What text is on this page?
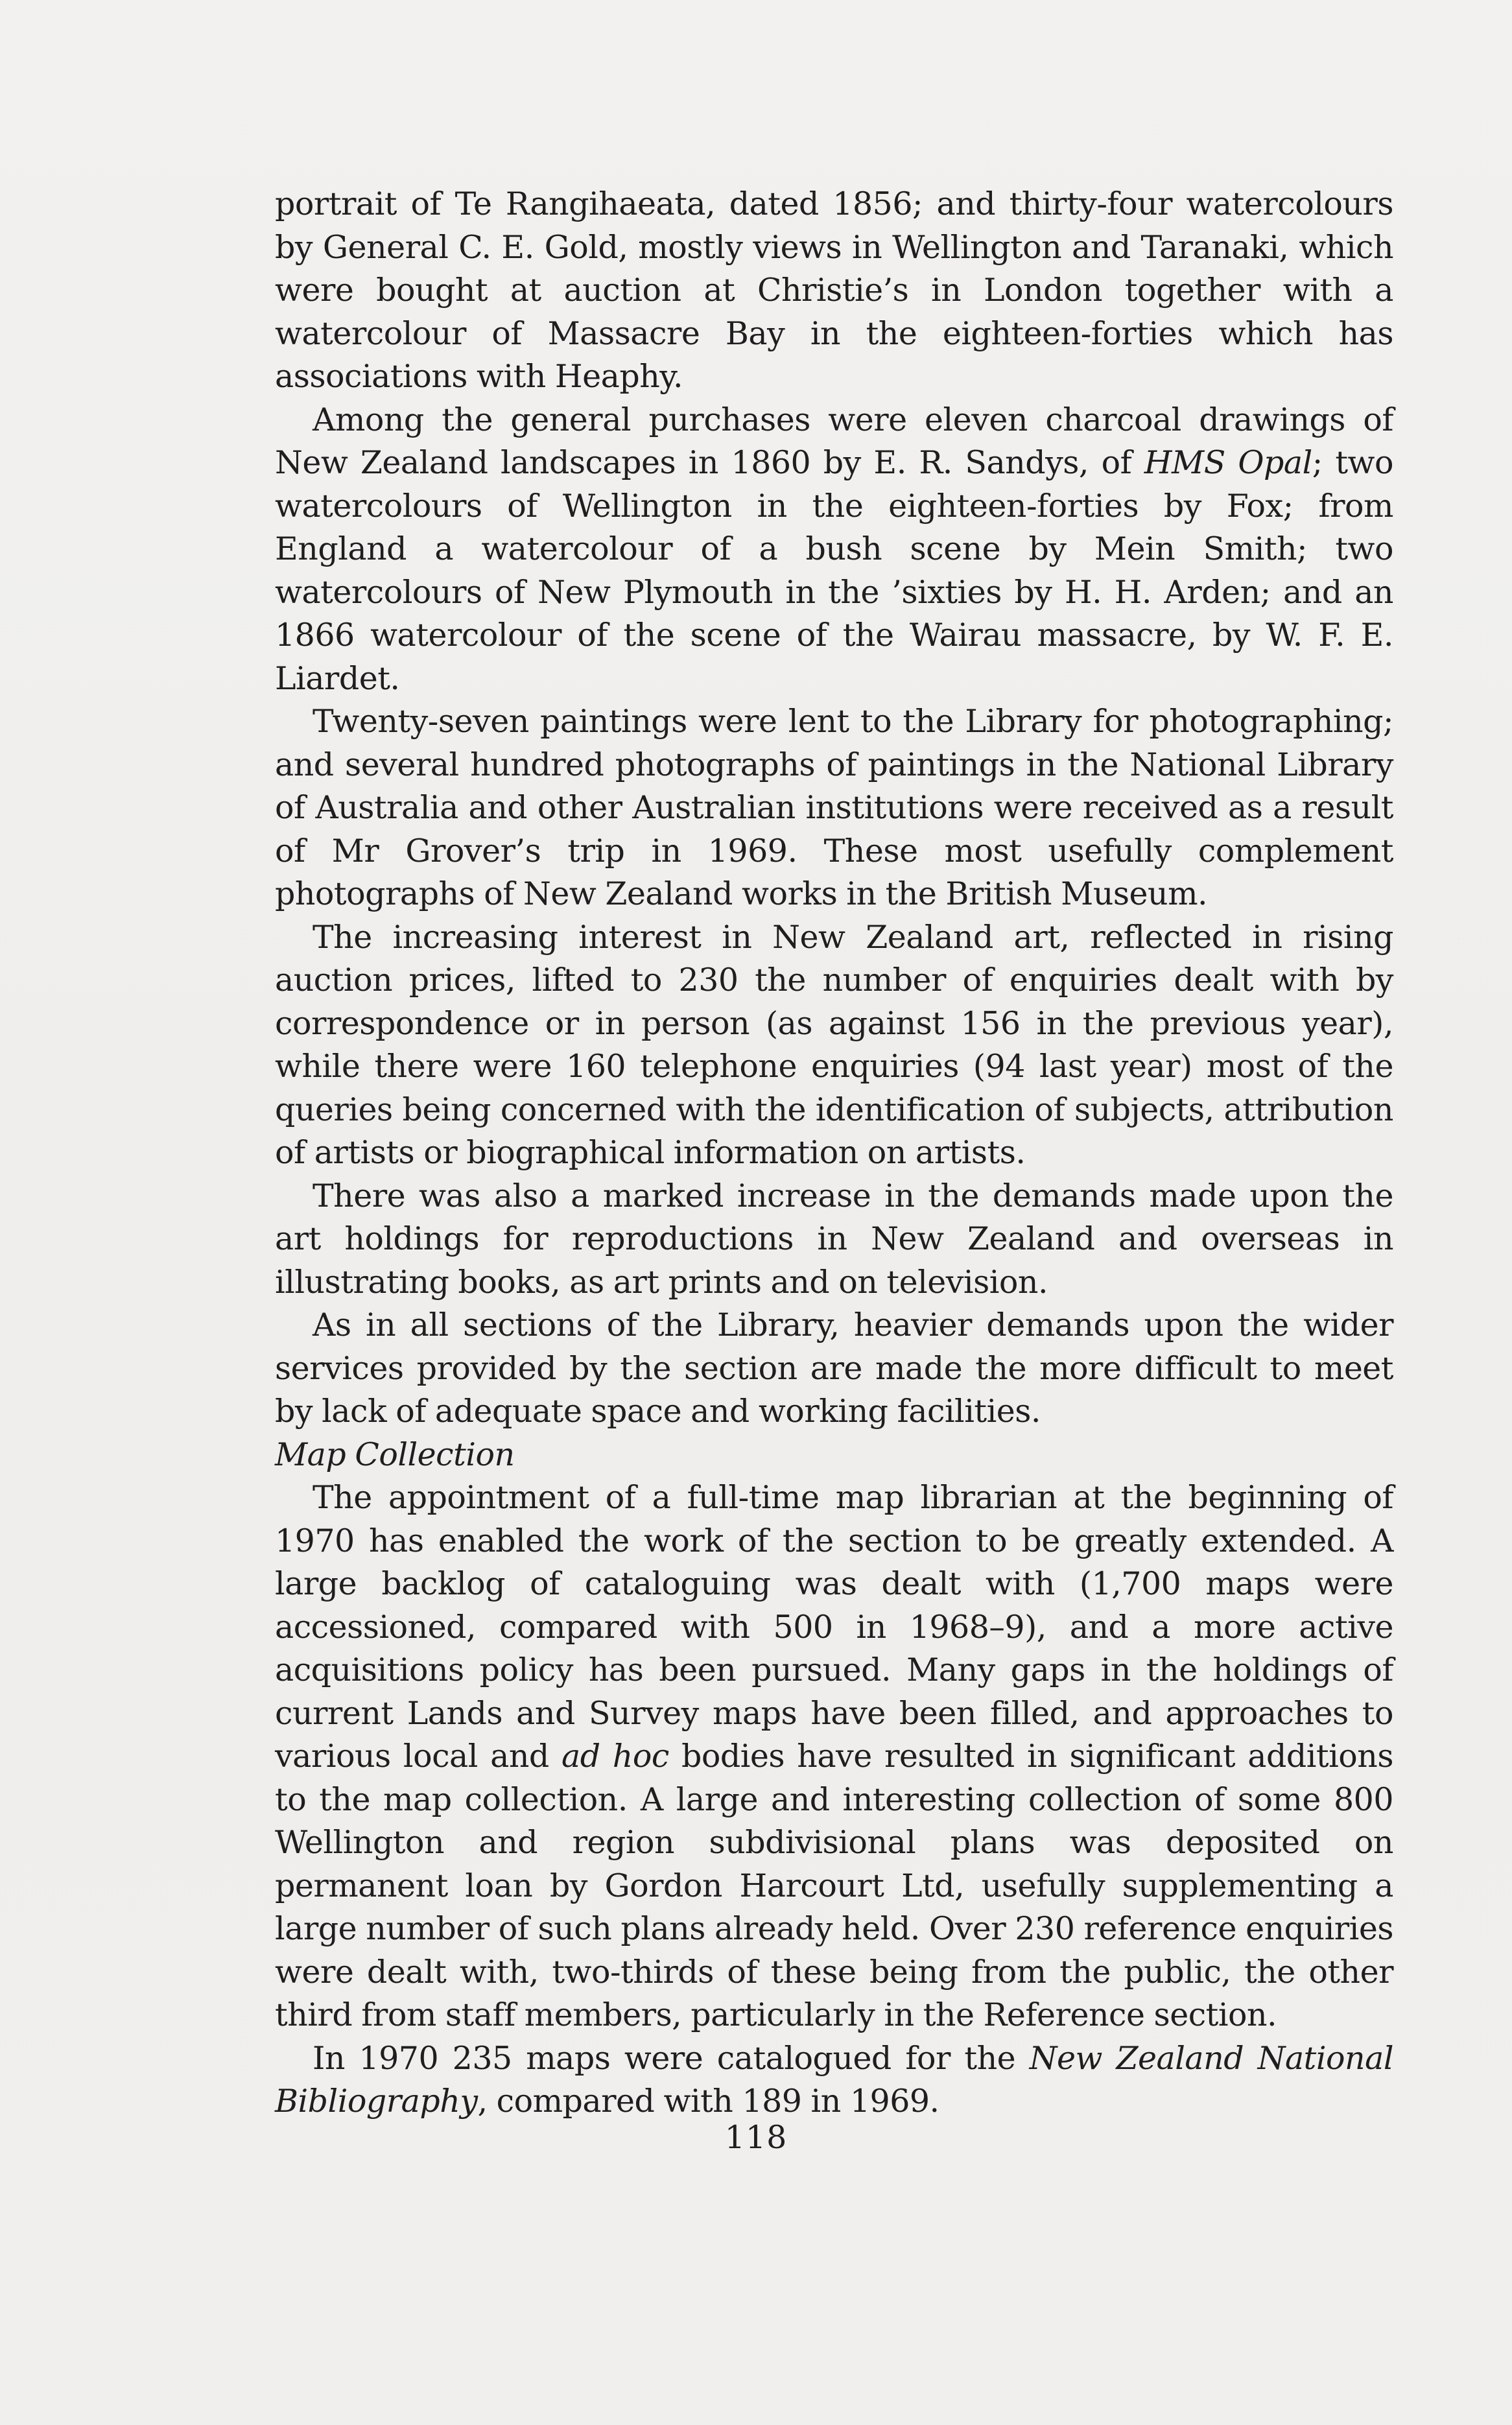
portrait of Te Rangihaeata, dated 1856; and thirty-four watercolours by General C. E. Gold, mostly views in Wellington and Taranaki, which were bought at auction at Christie’s in London together with a watercolour of Massacre Bay in the eighteen-forties which has associations with Heaphy.

Among the general purchases were eleven charcoal drawings of New Zealand landscapes in 1860 by E. R. Sandys, of HMS Opal; two watercolours of Wellington in the eighteen-forties by Fox; from England a watercolour of a bush scene by Mein Smith; two watercolours of New Plymouth in the ’sixties by H. H. Arden; and an 1866 watercolour of the scene of the Wairau massacre, by W. F. E. Liardet.

Twenty-seven paintings were lent to the Library for photographing; and several hundred photographs of paintings in the National Library of Australia and other Australian institutions were received as a result of Mr Grover’s trip in 1969. These most usefully complement photographs of New Zealand works in the British Museum.

The increasing interest in New Zealand art, reflected in rising auction prices, lifted to 230 the number of enquiries dealt with by correspondence or in person (as against 156 in the previous year), while there were 160 telephone enquiries (94 last year) most of the queries being concerned with the identification of subjects, attribution of artists or biographical information on artists.

There was also a marked increase in the demands made upon the art holdings for reproductions in New Zealand and overseas in illustrating books, as art prints and on television.

As in all sections of the Library, heavier demands upon the wider services provided by the section are made the more difficult to meet by lack of adequate space and working facilities.

Map Collection

The appointment of a full-time map librarian at the beginning of 1970 has enabled the work of the section to be greatly extended. A large backlog of cataloguing was dealt with (1,700 maps were accessioned, compared with 500 in 1968–9), and a more active acquisitions policy has been pursued. Many gaps in the holdings of current Lands and Survey maps have been filled, and approaches to various local and ad hoc bodies have resulted in significant additions to the map collection. A large and interesting collection of some 800 Wellington and region subdivisional plans was deposited on permanent loan by Gordon Harcourt Ltd, usefully supplementing a large number of such plans already held. Over 230 reference enquiries were dealt with, two-thirds of these being from the public, the other third from staff members, particularly in the Reference section.

In 1970 235 maps were catalogued for the New Zealand National Bibliography, compared with 189 in 1969.

118
